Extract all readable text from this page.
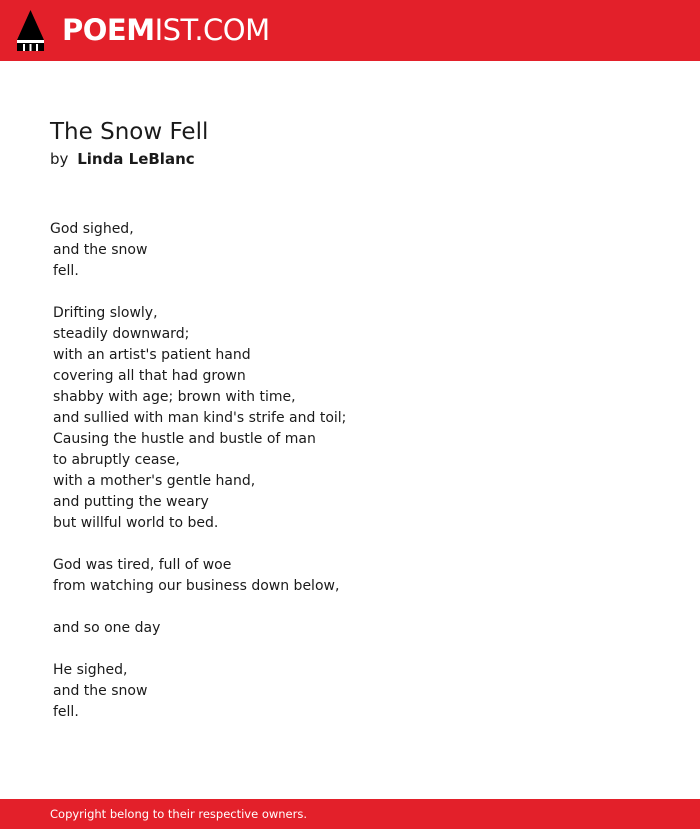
POEMIST.COM
The Snow Fell
by Linda LeBlanc
God sighed,
and the snow
fell.
Drifting slowly,
steadily downward;
with an artist's patient hand
covering all that had grown
shabby with age; brown with time,
and sullied with man kind's strife and toil;
Causing the hustle and bustle of man
to abruptly cease,
with a mother's gentle hand,
and putting the weary
but willful world to bed.
God was tired, full of woe
from watching our business down below,
and so one day
He sighed,
and the snow
fell.
Copyright belong to their respective owners.
